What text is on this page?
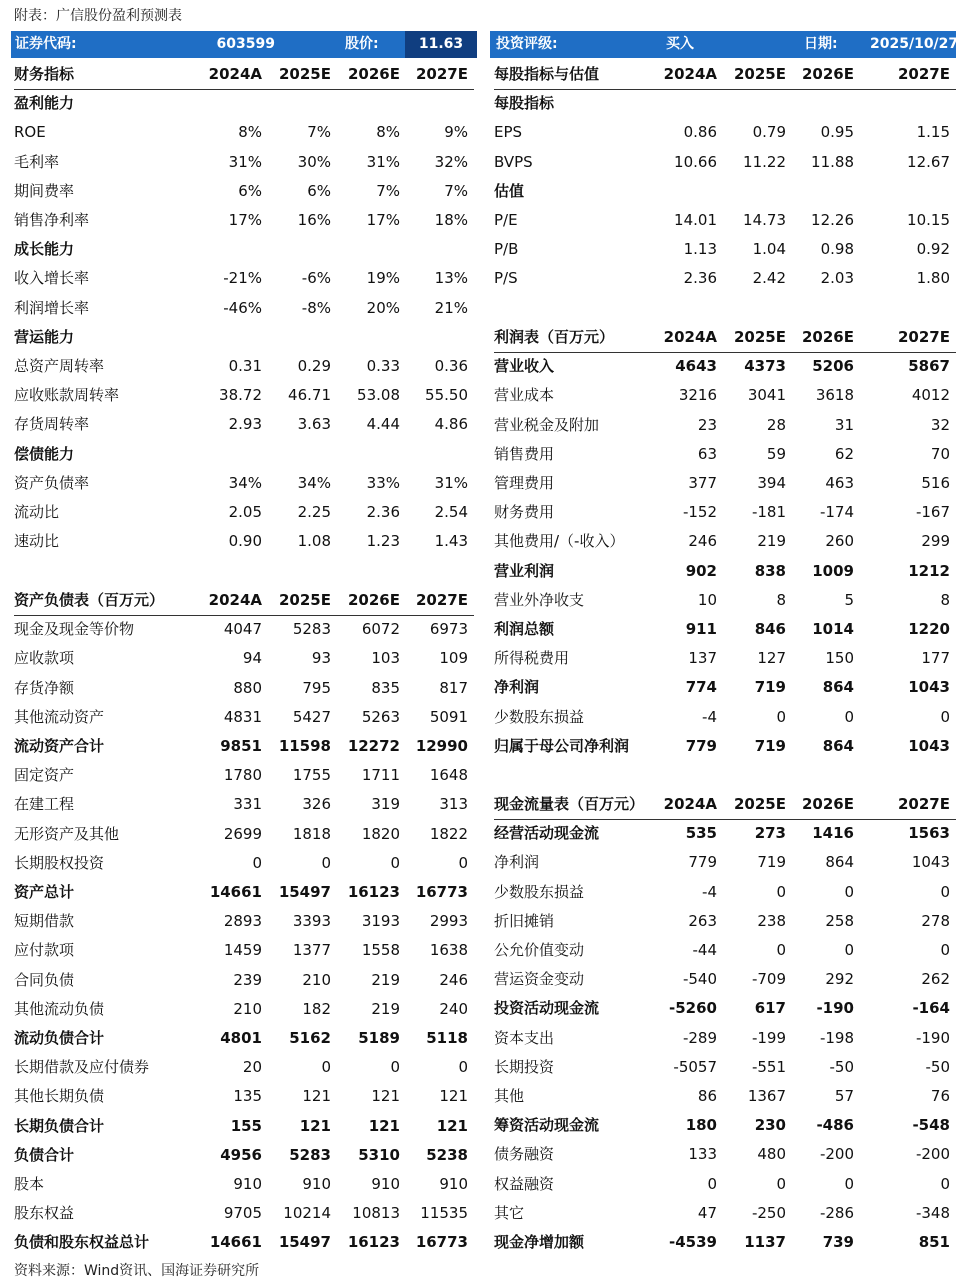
附表：广信股份盈利预测表
证券代码:	603599	股价:	11.63	投资评级:	买入	日期: 2025/10/27
财务指标	2024A	2025E	2026E	2027E
盈利能力
ROE	8%	7%	8%	9%
毛利率	31%	30%	31%	32%
期间费率	6%	6%	7%	7%
销售净利率	17%	16%	17%	18%
成长能力
收入增长率	-21%	-6%	19%	13%
利润增长率	-46%	-8%	20%	21%
营运能力
总资产周转率	0.31	0.29	0.33	0.36
应收账款周转率	38.72	46.71	53.08	55.50
存货周转率	2.93	3.63	4.44	4.86
偿债能力
资产负债率	34%	34%	33%	31%
流动比	2.05	2.25	2.36	2.54
速动比	0.90	1.08	1.23	1.43
资产负债表（百万元）	2024A	2025E	2026E	2027E
现金及现金等价物	4047	5283	6072	6973
应收款项	94	93	103	109
存货净额	880	795	835	817
其他流动资产	4831	5427	5263	5091
流动资产合计	9851	11598	12272	12990
固定资产	1780	1755	1711	1648
在建工程	331	326	319	313
无形资产及其他	2699	1818	1820	1822
长期股权投资	0	0	0	0
资产总计	14661	15497	16123	16773
短期借款	2893	3393	3193	2993
应付款项	1459	1377	1558	1638
合同负债	239	210	219	246
其他流动负债	210	182	219	240
流动负债合计	4801	5162	5189	5118
长期借款及应付债券	20	0	0	0
其他长期负债	135	121	121	121
长期负债合计	155	121	121	121
负债合计	4956	5283	5310	5238
股本	910	910	910	910
股东权益	9705	10214	10813	11535
负债和股东权益总计	14661	15497	16123	16773
每股指标与估值	2024A	2025E	2026E	2027E
每股指标
EPS	0.86	0.79	0.95	1.15
BVPS	10.66	11.22	11.88	12.67
估值
P/E	14.01	14.73	12.26	10.15
P/B	1.13	1.04	0.98	0.92
P/S	2.36	2.42	2.03	1.80
利润表（百万元）	2024A	2025E	2026E	2027E
营业收入	4643	4373	5206	5867
营业成本	3216	3041	3618	4012
营业税金及附加	23	28	31	32
销售费用	63	59	62	70
管理费用	377	394	463	516
财务费用	-152	-181	-174	-167
其他费用/（-收入）	246	219	260	299
营业利润	902	838	1009	1212
营业外净收支	10	8	5	8
利润总额	911	846	1014	1220
所得税费用	137	127	150	177
净利润	774	719	864	1043
少数股东损益	-4	0	0	0
归属于母公司净利润	779	719	864	1043
现金流量表（百万元）	2024A	2025E	2026E	2027E
经营活动现金流	535	273	1416	1563
净利润	779	719	864	1043
少数股东损益	-4	0	0	0
折旧摊销	263	238	258	278
公允价值变动	-44	0	0	0
营运资金变动	-540	-709	292	262
投资活动现金流	-5260	617	-190	-164
资本支出	-289	-199	-198	-190
长期投资	-5057	-551	-50	-50
其他	86	1367	57	76
筹资活动现金流	180	230	-486	-548
债务融资	133	480	-200	-200
权益融资	0	0	0	0
其它	47	-250	-286	-348
现金净增加额	-4539	1137	739	851
资料来源：Wind资讯、国海证券研究所
